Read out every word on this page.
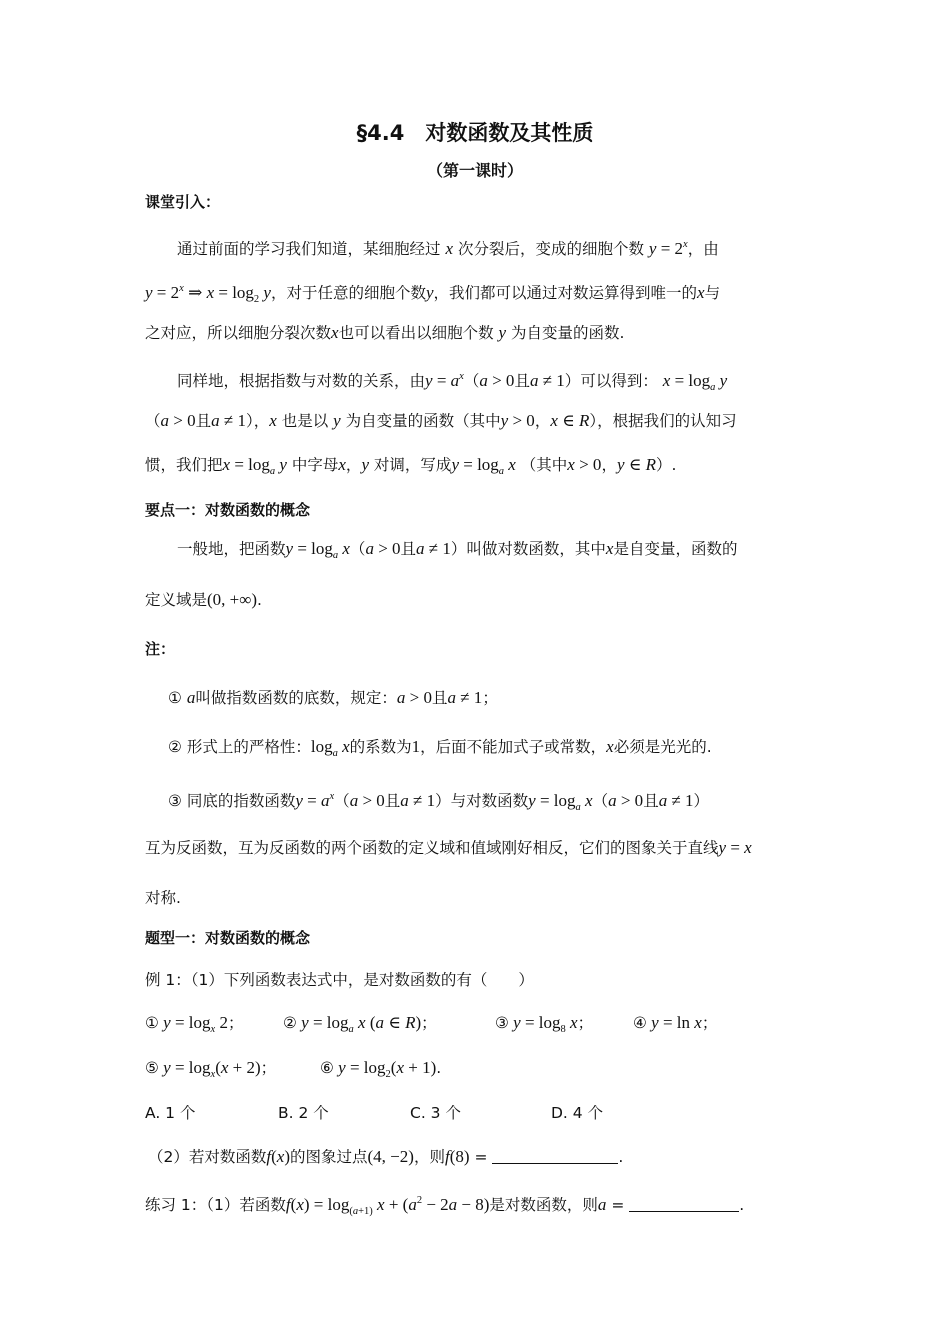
§4.4　对数函数及其性质
（第一课时）
课堂引入：
通过前面的学习我们知道，某细胞经过 x 次分裂后，变成的细胞个数 $y = 2^x$，由
$y = 2^x$ ⇒ $x = \log_2 y$，对于任意的细胞个数y，我们都可以通过对数运算得到唯一的x与
之对应，所以细胞分裂次数x也可以看出以细胞个数 y 为自变量的函数.
同样地，根据指数与对数的关系，由$y = a^x(a > 0$且a ≠ 1）可以得到： $x = \log_a y$
（a > 0且a ≠ 1），x 也是以 y 为自变量的函数（其中y > 0，x ∈ R），根据我们的认知习
惯，我们把$x = \log_a y$ 中字母x，y 对调，写成$y = \log_a x$ （其中x > 0，y ∈ R）.
要点一：对数函数的概念
一般地，把函数$y = \log_a x(a > 0$且a ≠ 1）叫做对数函数，其中x是自变量，函数的
定义域是(0, +∞).
注：
① a叫做指数函数的底数，规定：a > 0且a ≠ 1；
② 形式上的严格性：$\log_a x$的系数为1，后面不能加式子或常数，x必须是光光的.
③ 同底的指数函数$y = a^x(a > 0$且a ≠ 1）与对数函数$y = \log_a x(a > 0$且a ≠ 1）
互为反函数，互为反函数的两个函数的定义域和值域刚好相反，它们的图象关于直线y = x
对称.
题型一：对数函数的概念
例 1：（1）下列函数表达式中，是对数函数的有（　　）
① $y = \log_x 2$；	② $y = \log_a x$ (a ∈ R)；	③ $y = \log_8 x$；	④ y = ln x；
⑤ $y = \log_x(x + 2)$；	⑥ $y = \log_2(x + 1)$.
A. 1 个	B. 2 个	C. 3 个	D. 4 个
（2）若对数函数f(x)的图象过点(4, −2)，则f(8) =	.
练习 1：（1）若函数$f(x) = \log_{(a+1)} x + (a^2 - 2a - 8)$是对数函数，则a =	.
